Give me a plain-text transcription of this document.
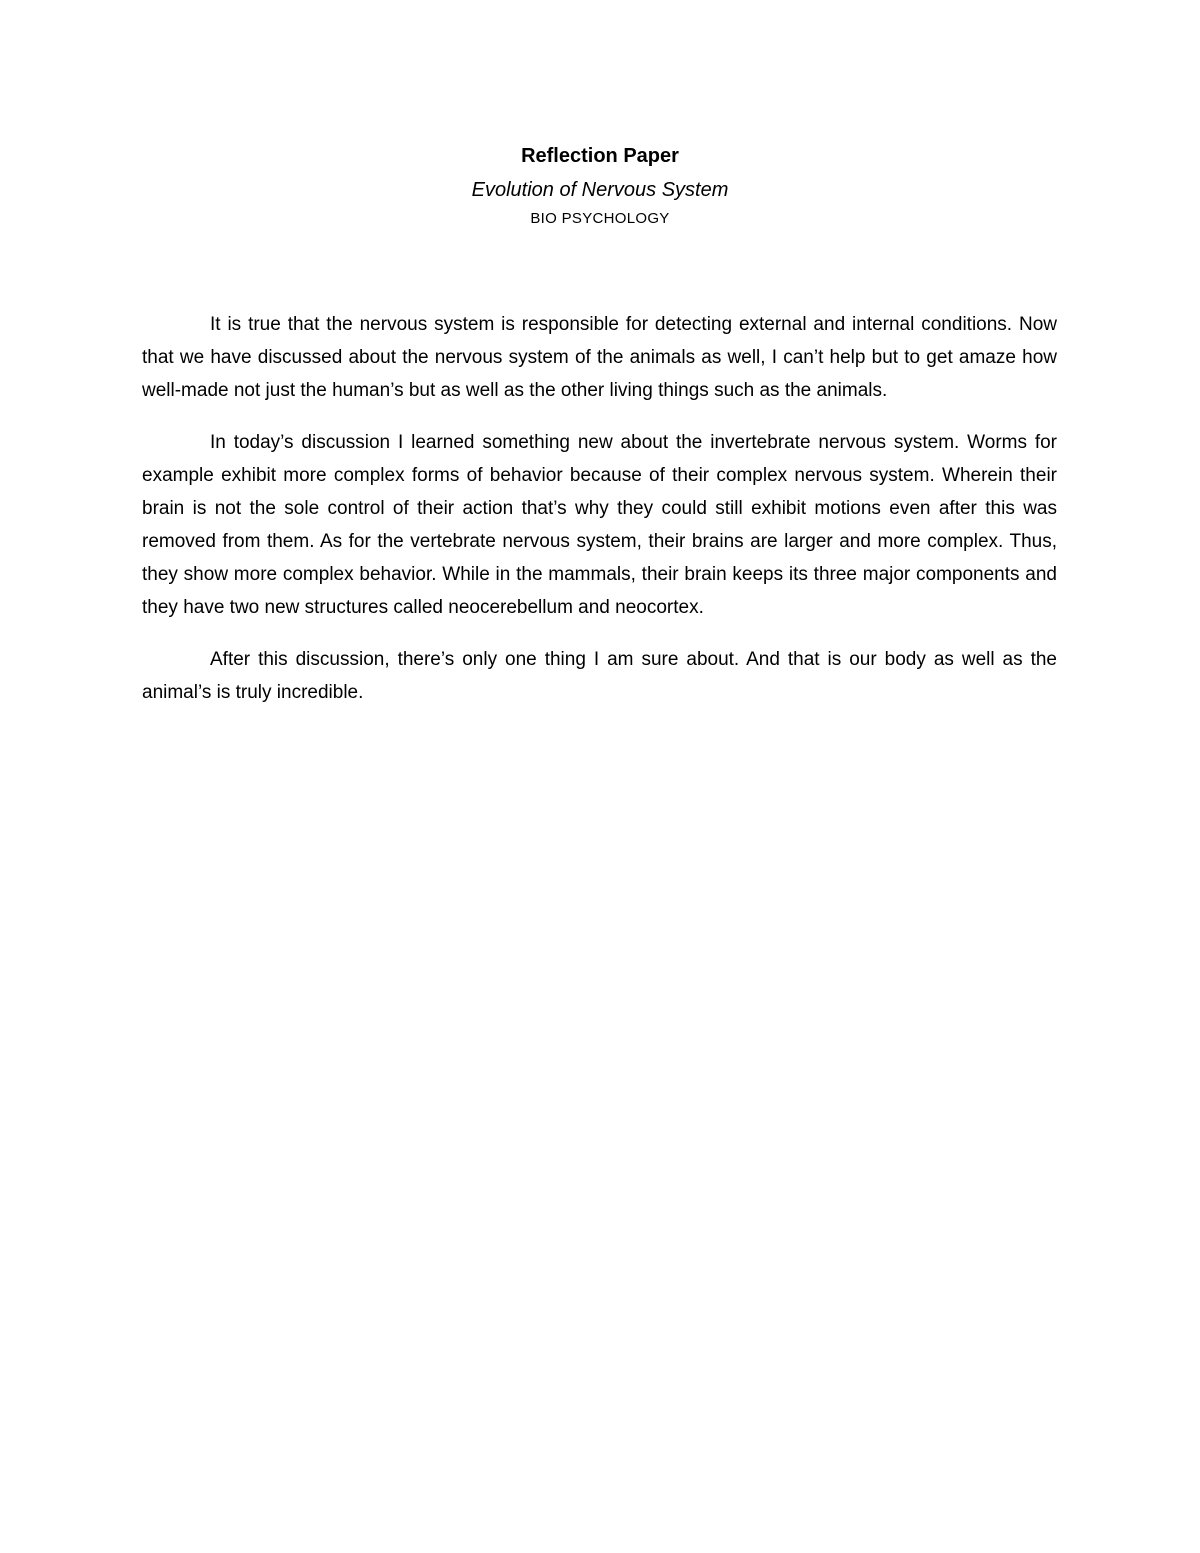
Reflection Paper

Evolution of Nervous System

BIO PSYCHOLOGY

It is true that the nervous system is responsible for detecting external and internal conditions. Now that we have discussed about the nervous system of the animals as well, I can’t help but to get amaze how well-made not just the human’s but as well as the other living things such as the animals.

In today’s discussion I learned something new about the invertebrate nervous system. Worms for example exhibit more complex forms of behavior because of their complex nervous system. Wherein their brain is not the sole control of their action that’s why they could still exhibit motions even after this was removed from them. As for the vertebrate nervous system, their brains are larger and more complex. Thus, they show more complex behavior. While in the mammals, their brain keeps its three major components and they have two new structures called neocerebellum and neocortex.

After this discussion, there’s only one thing I am sure about. And that is our body as well as the animal’s is truly incredible.
